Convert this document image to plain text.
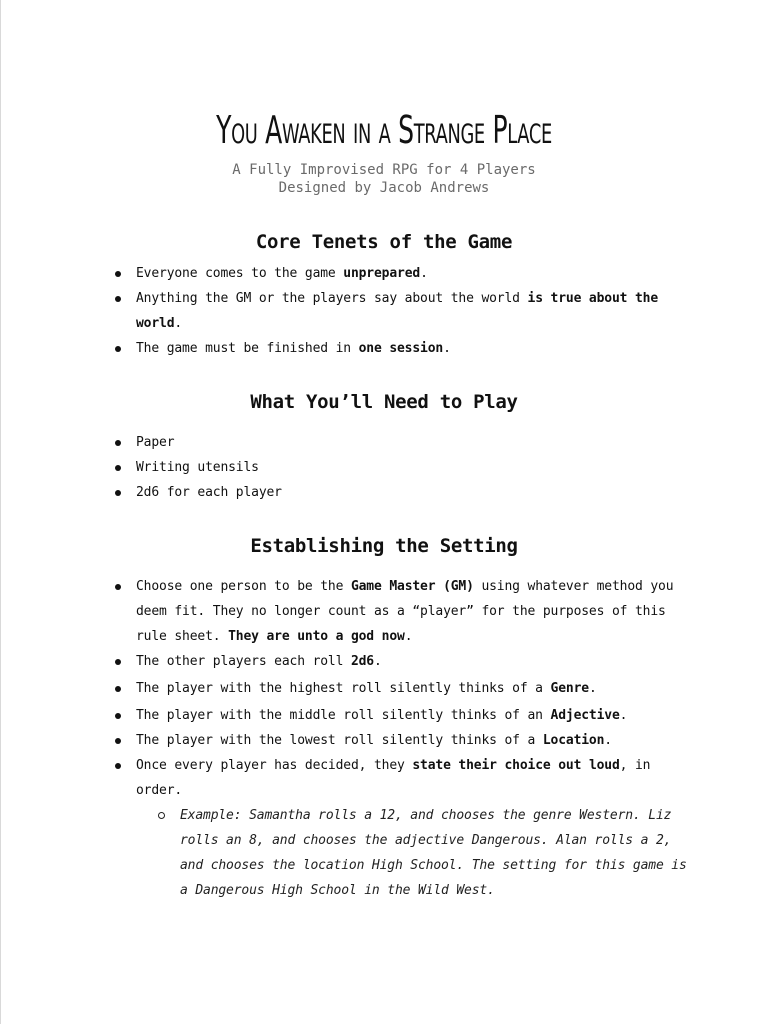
You Awaken in a Strange Place
A Fully Improvised RPG for 4 Players
Designed by Jacob Andrews
Core Tenets of the Game
Everyone comes to the game unprepared.
Anything the GM or the players say about the world is true about the world.
The game must be finished in one session.
What You’ll Need to Play
Paper
Writing utensils
2d6 for each player
Establishing the Setting
Choose one person to be the Game Master (GM) using whatever method you deem fit. They no longer count as a “player” for the purposes of this rule sheet. They are unto a god now.
The other players each roll 2d6.
The player with the highest roll silently thinks of a Genre.
The player with the middle roll silently thinks of an Adjective.
The player with the lowest roll silently thinks of a Location.
Once every player has decided, they state their choice out loud, in order.
Example: Samantha rolls a 12, and chooses the genre Western. Liz rolls an 8, and chooses the adjective Dangerous. Alan rolls a 2, and chooses the location High School. The setting for this game is a Dangerous High School in the Wild West.
